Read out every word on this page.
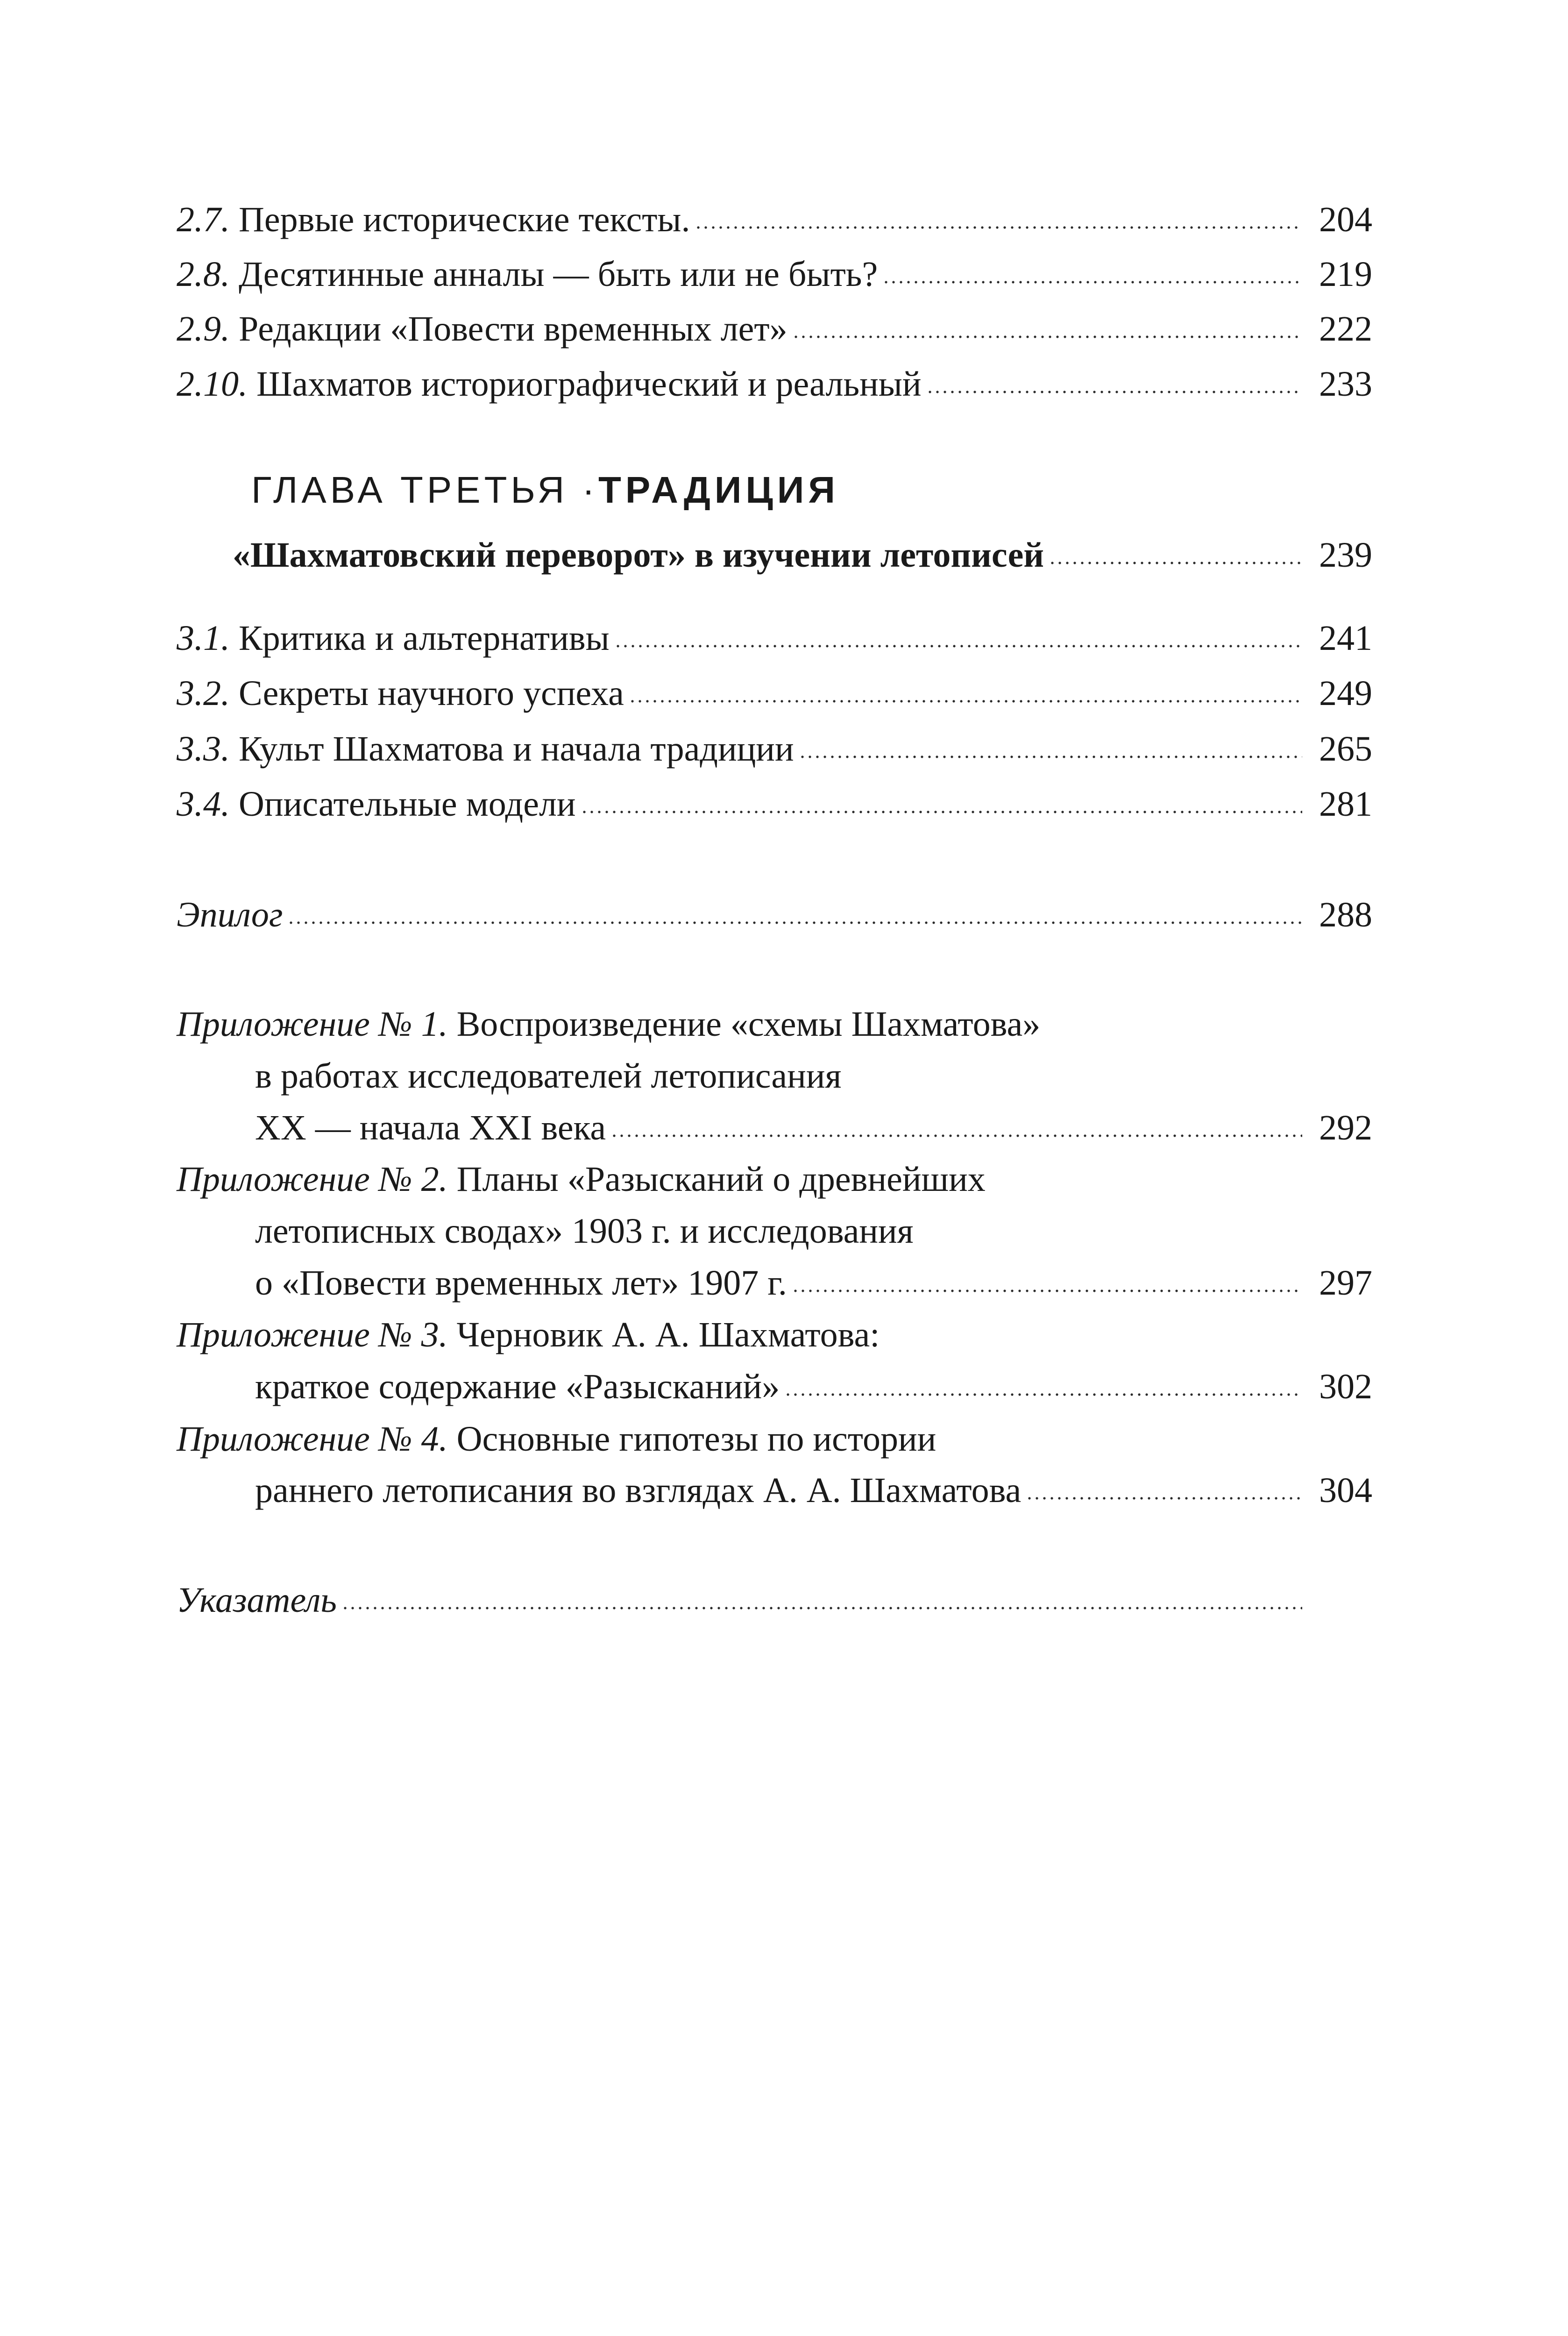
2.7. Первые исторические тексты.	204
2.8. Десятинные анналы — быть или не быть?	219
2.9. Редакции «Повести временных лет»	222
2.10. Шахматов историографический и реальный	233
ГЛАВА ТРЕТЬЯ ·ТРАДИЦИЯ
«Шахматовский переворот» в изучении летописей	239
3.1. Критика и альтернативы	241
3.2. Секреты научного успеха	249
3.3. Культ Шахматова и начала традиции	265
3.4. Описательные модели	281
Эпилог	288
Приложение № 1. Воспроизведение «схемы Шахматова»
в работах исследователей летописания
XX — начала XXI века	292
Приложение № 2. Планы «Разысканий о древнейших
летописных сводах» 1903 г. и исследования
о «Повести временных лет» 1907 г.	297
Приложение № 3. Черновик А. А. Шахматова:
краткое содержание «Разысканий»	302
Приложение № 4. Основные гипотезы по истории
раннего летописания во взглядах А. А. Шахматова	304
Указатель
